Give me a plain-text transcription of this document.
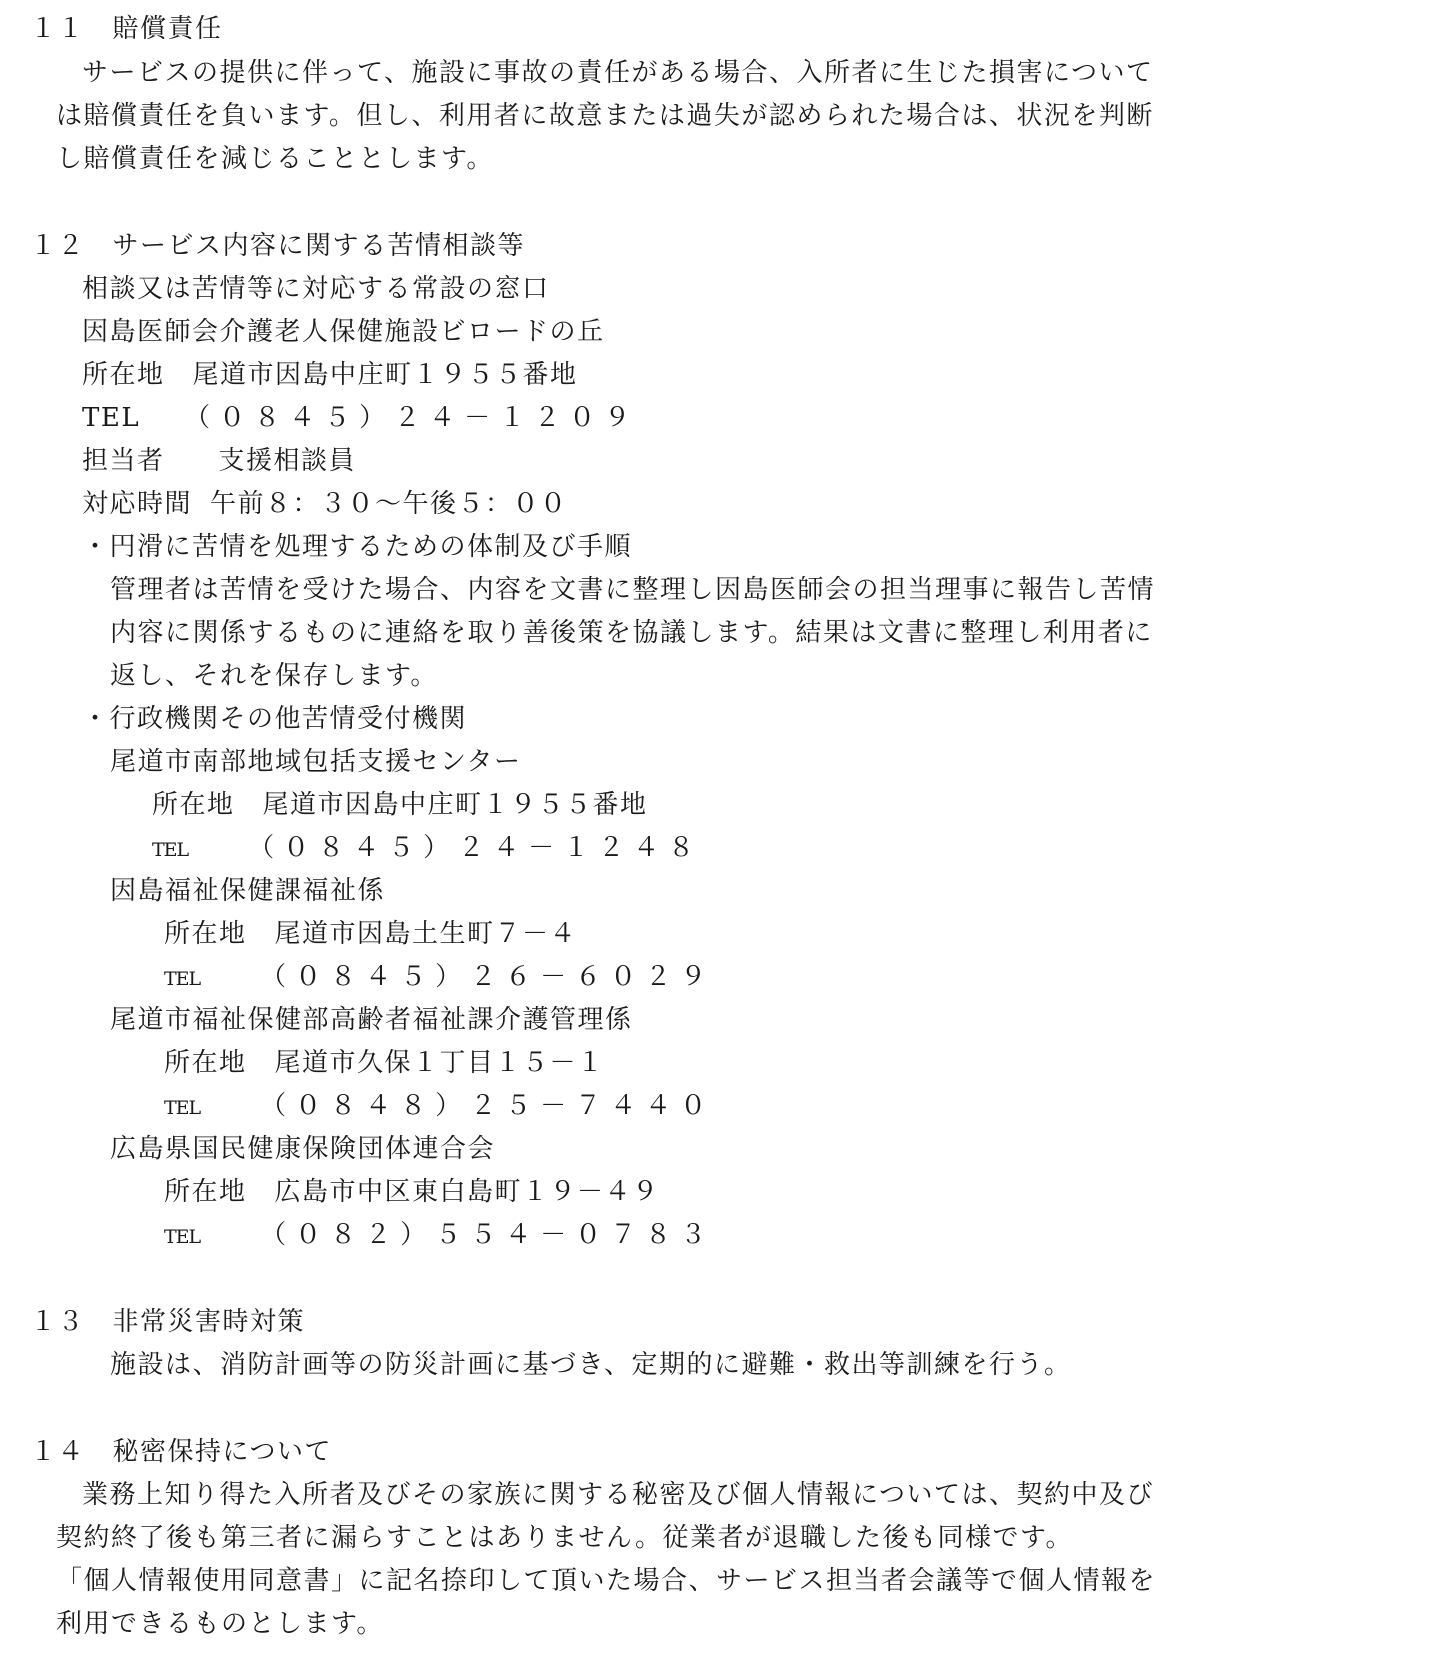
１１　賠償責任
サービスの提供に伴って、施設に事故の責任がある場合、入所者に生じた損害について
は賠償責任を負います。但し、利用者に故意または過失が認められた場合は、状況を判断
し賠償責任を減じることとします。
１２　サービス内容に関する苦情相談等
相談又は苦情等に対応する常設の窓口
因島医師会介護老人保健施設ビロードの丘
所在地 尾道市因島中庄町１９５５番地
TEL （０８４５）２４－１２０９
担当者 支援相談員
対応時間 午前８：３０～午後５：００
・円滑に苦情を処理するための体制及び手順
管理者は苦情を受けた場合、内容を文書に整理し因島医師会の担当理事に報告し苦情
内容に関係するものに連絡を取り善後策を協議します。結果は文書に整理し利用者に
返し、それを保存します。
・行政機関その他苦情受付機関
尾道市南部地域包括支援センター
所在地 尾道市因島中庄町１９５５番地
TEL （０８４５）２４－１２４８
因島福祉保健課福祉係
所在地 尾道市因島土生町７－４
TEL （０８４５）２６－６０２９
尾道市福祉保健部高齢者福祉課介護管理係
所在地 尾道市久保１丁目１５－１
TEL （０８４８）２５－７４４０
広島県国民健康保険団体連合会
所在地 広島市中区東白島町１９－４９
TEL （０８２）５５４－０７８３
１３　非常災害時対策
施設は、消防計画等の防災計画に基づき、定期的に避難・救出等訓練を行う。
１４　秘密保持について
業務上知り得た入所者及びその家族に関する秘密及び個人情報については、契約中及び
契約終了後も第三者に漏らすことはありません。従業者が退職した後も同様です。
「個人情報使用同意書」に記名捺印して頂いた場合、サービス担当者会議等で個人情報を
利用できるものとします。
